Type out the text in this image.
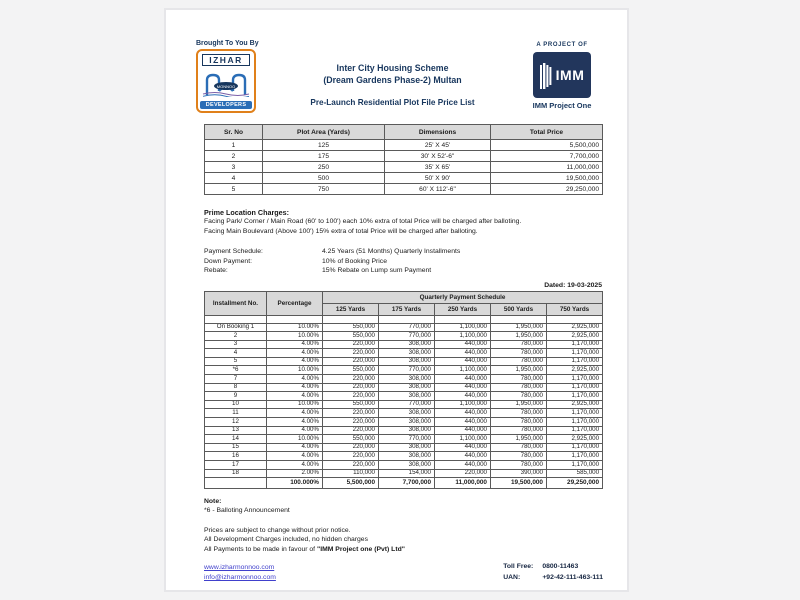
Brought To You By
IZHAR
MONNOO
DEVELOPERS
Inter City Housing Scheme
(Dream Gardens Phase-2) Multan
Pre-Launch Residential Plot File Price List
A PROJECT OF
IMM
IMM Project One
Sr. No	Plot Area (Yards)	Dimensions	Total Price
1	125	25' X 45'	5,500,000
2	175	30' X 52'-6"	7,700,000
3	250	35' X 65'	11,000,000
4	500	50' X 90'	19,500,000
5	750	60' X 112'-6"	29,250,000
Prime Location Charges:
Facing Park/ Corner / Main Road (60' to 100') each 10% extra of total Price will be charged after balloting.
Facing Main Boulevard (Above 100') 15% extra of total Price will be charged after balloting.
Payment Schedule:	4.25 Years (51 Months) Quarterly Installments
Down Payment:	10% of Booking Price
Rebate:	15% Rebate on Lump sum Payment
Dated: 19-03-2025
Installment No.	Percentage	Quarterly Payment Schedule				
		125 Yards	175 Yards	250 Yards	500 Yards	750 Yards

On Booking 1	10.00%	550,000	770,000	1,100,000	1,950,000	2,925,000
2	10.00%	550,000	770,000	1,100,000	1,950,000	2,925,000
3	4.00%	220,000	308,000	440,000	780,000	1,170,000
4	4.00%	220,000	308,000	440,000	780,000	1,170,000
5	4.00%	220,000	308,000	440,000	780,000	1,170,000
*6	10.00%	550,000	770,000	1,100,000	1,950,000	2,925,000
7	4.00%	220,000	308,000	440,000	780,000	1,170,000
8	4.00%	220,000	308,000	440,000	780,000	1,170,000
9	4.00%	220,000	308,000	440,000	780,000	1,170,000
10	10.00%	550,000	770,000	1,100,000	1,950,000	2,925,000
11	4.00%	220,000	308,000	440,000	780,000	1,170,000
12	4.00%	220,000	308,000	440,000	780,000	1,170,000
13	4.00%	220,000	308,000	440,000	780,000	1,170,000
14	10.00%	550,000	770,000	1,100,000	1,950,000	2,925,000
15	4.00%	220,000	308,000	440,000	780,000	1,170,000
16	4.00%	220,000	308,000	440,000	780,000	1,170,000
17	4.00%	220,000	308,000	440,000	780,000	1,170,000
18	2.00%	110,000	154,000	220,000	390,000	585,000
	100.000%	5,500,000	7,700,000	11,000,000	19,500,000	29,250,000
Note:
*6 - Balloting Announcement
Prices are subject to change without prior notice.
All Development Charges included, no hidden charges
All Payments to be made in favour of "IMM Project one (Pvt) Ltd"
www.izharmonnoo.com
info@izharmonnoo.com
Toll Free: 0800-11463
UAN:	+92-42-111-463-111
